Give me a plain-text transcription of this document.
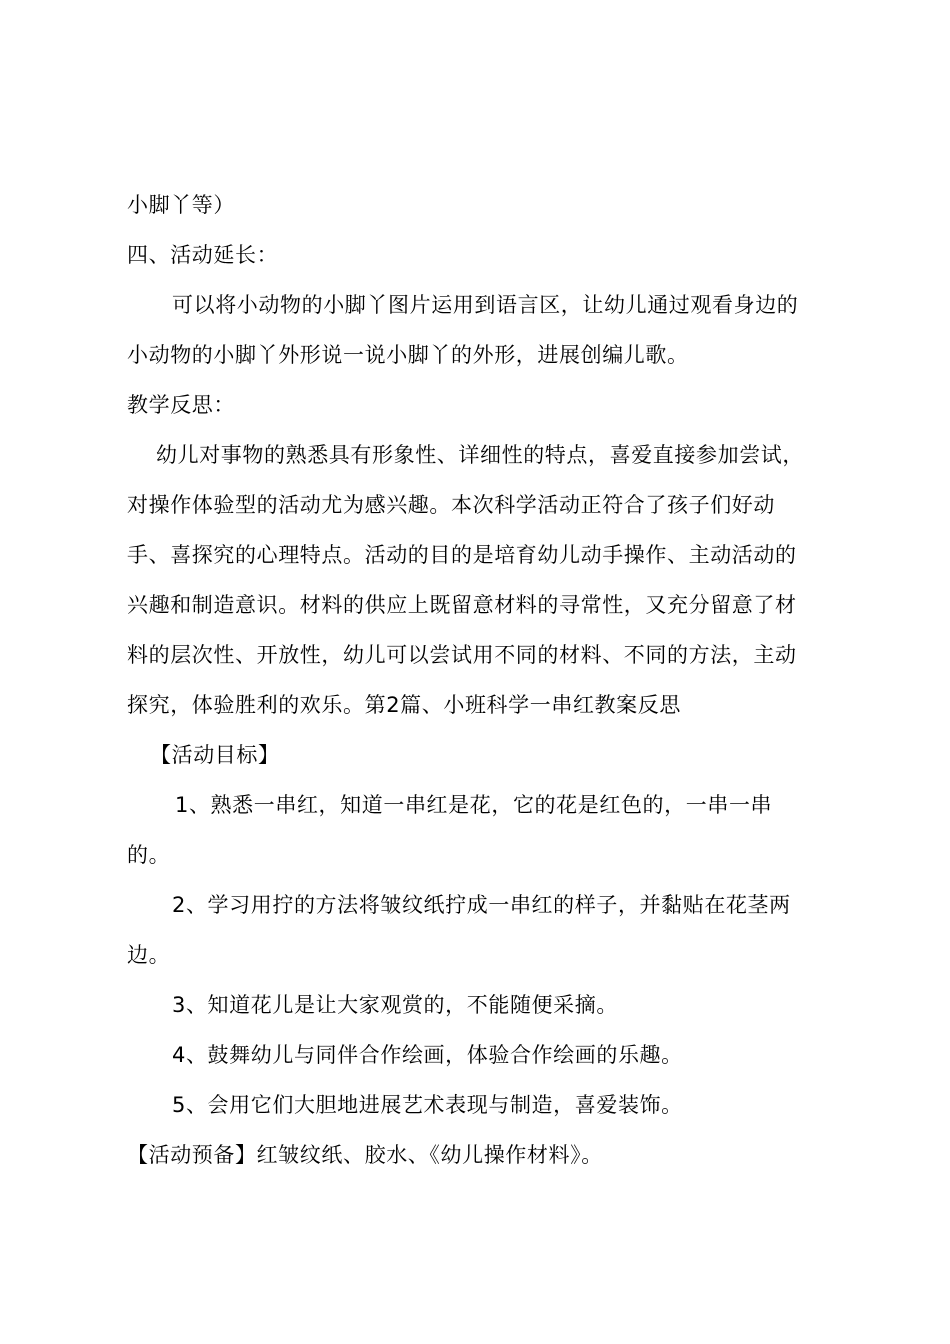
小脚丫等）
四、活动延长：
可以将小动物的小脚丫图片运用到语言区，让幼儿通过观看身边的
小动物的小脚丫外形说一说小脚丫的外形，进展创编儿歌。
教学反思：
幼儿对事物的熟悉具有形象性、详细性的特点，喜爱直接参加尝试，
对操作体验型的活动尤为感兴趣。本次科学活动正符合了孩子们好动
手、喜探究的心理特点。活动的目的是培育幼儿动手操作、主动活动的
兴趣和制造意识。材料的供应上既留意材料的寻常性，又充分留意了材
料的层次性、开放性，幼儿可以尝试用不同的材料、不同的方法，主动
探究，体验胜利的欢乐。第2篇、小班科学一串红教案反思
【活动目标】
1、熟悉一串红，知道一串红是花，它的花是红色的，一串一串
的。
2、学习用拧的方法将皱纹纸拧成一串红的样子，并黏贴在花茎两
边。
3、知道花儿是让大家观赏的，不能随便采摘。
4、鼓舞幼儿与同伴合作绘画，体验合作绘画的乐趣。
5、会用它们大胆地进展艺术表现与制造，喜爱装饰。
【活动预备】红皱纹纸、胶水、《幼儿操作材料》。
